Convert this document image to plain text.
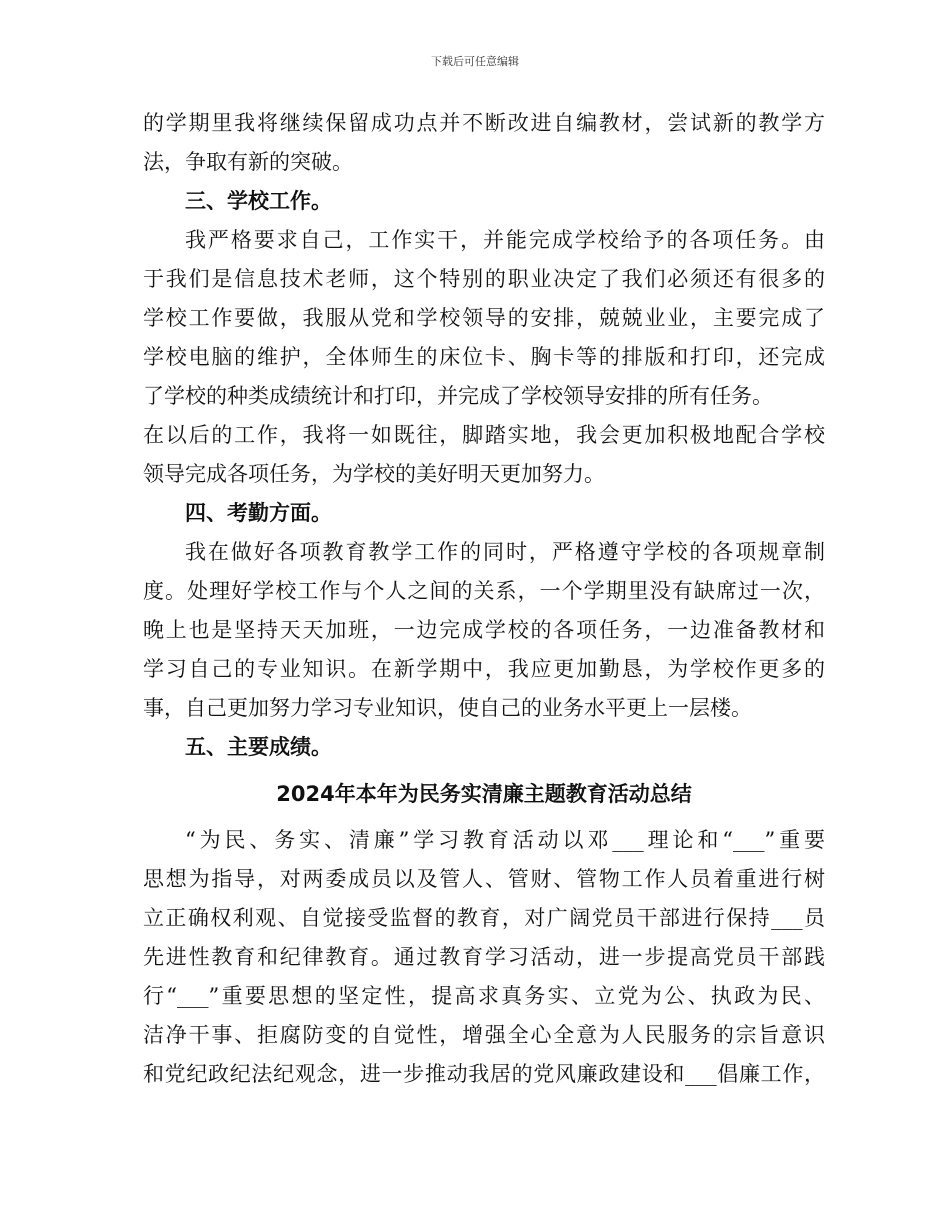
下载后可任意编辑
的学期里我将继续保留成功点并不断改进自编教材，尝试新的教学方
法，争取有新的突破。
三、学校工作。
我严格要求自己，工作实干，并能完成学校给予的各项任务。由
于我们是信息技术老师，这个特别的职业决定了我们必须还有很多的
学校工作要做，我服从党和学校领导的安排，兢兢业业，主要完成了
学校电脑的维护，全体师生的床位卡、胸卡等的排版和打印，还完成
了学校的种类成绩统计和打印，并完成了学校领导安排的所有任务。
在以后的工作，我将一如既往，脚踏实地，我会更加积极地配合学校
领导完成各项任务，为学校的美好明天更加努力。
四、考勤方面。
我在做好各项教育教学工作的同时，严格遵守学校的各项规章制
度。处理好学校工作与个人之间的关系，一个学期里没有缺席过一次，
晚上也是坚持天天加班，一边完成学校的各项任务，一边准备教材和
学习自己的专业知识。在新学期中，我应更加勤恳，为学校作更多的
事，自己更加努力学习专业知识，使自己的业务水平更上一层楼。
五、主要成绩。
2024年本年为民务实清廉主题教育活动总结
“为民、务实、清廉”学习教育活动以邓___理论和“___”重要
思想为指导，对两委成员以及管人、管财、管物工作人员着重进行树
立正确权利观、自觉接受监督的教育，对广阔党员干部进行保持___员
先进性教育和纪律教育。通过教育学习活动，进一步提高党员干部践
行“___”重要思想的坚定性，提高求真务实、立党为公、执政为民、
洁净干事、拒腐防变的自觉性，增强全心全意为人民服务的宗旨意识
和党纪政纪法纪观念，进一步推动我居的党风廉政建设和___倡廉工作，
